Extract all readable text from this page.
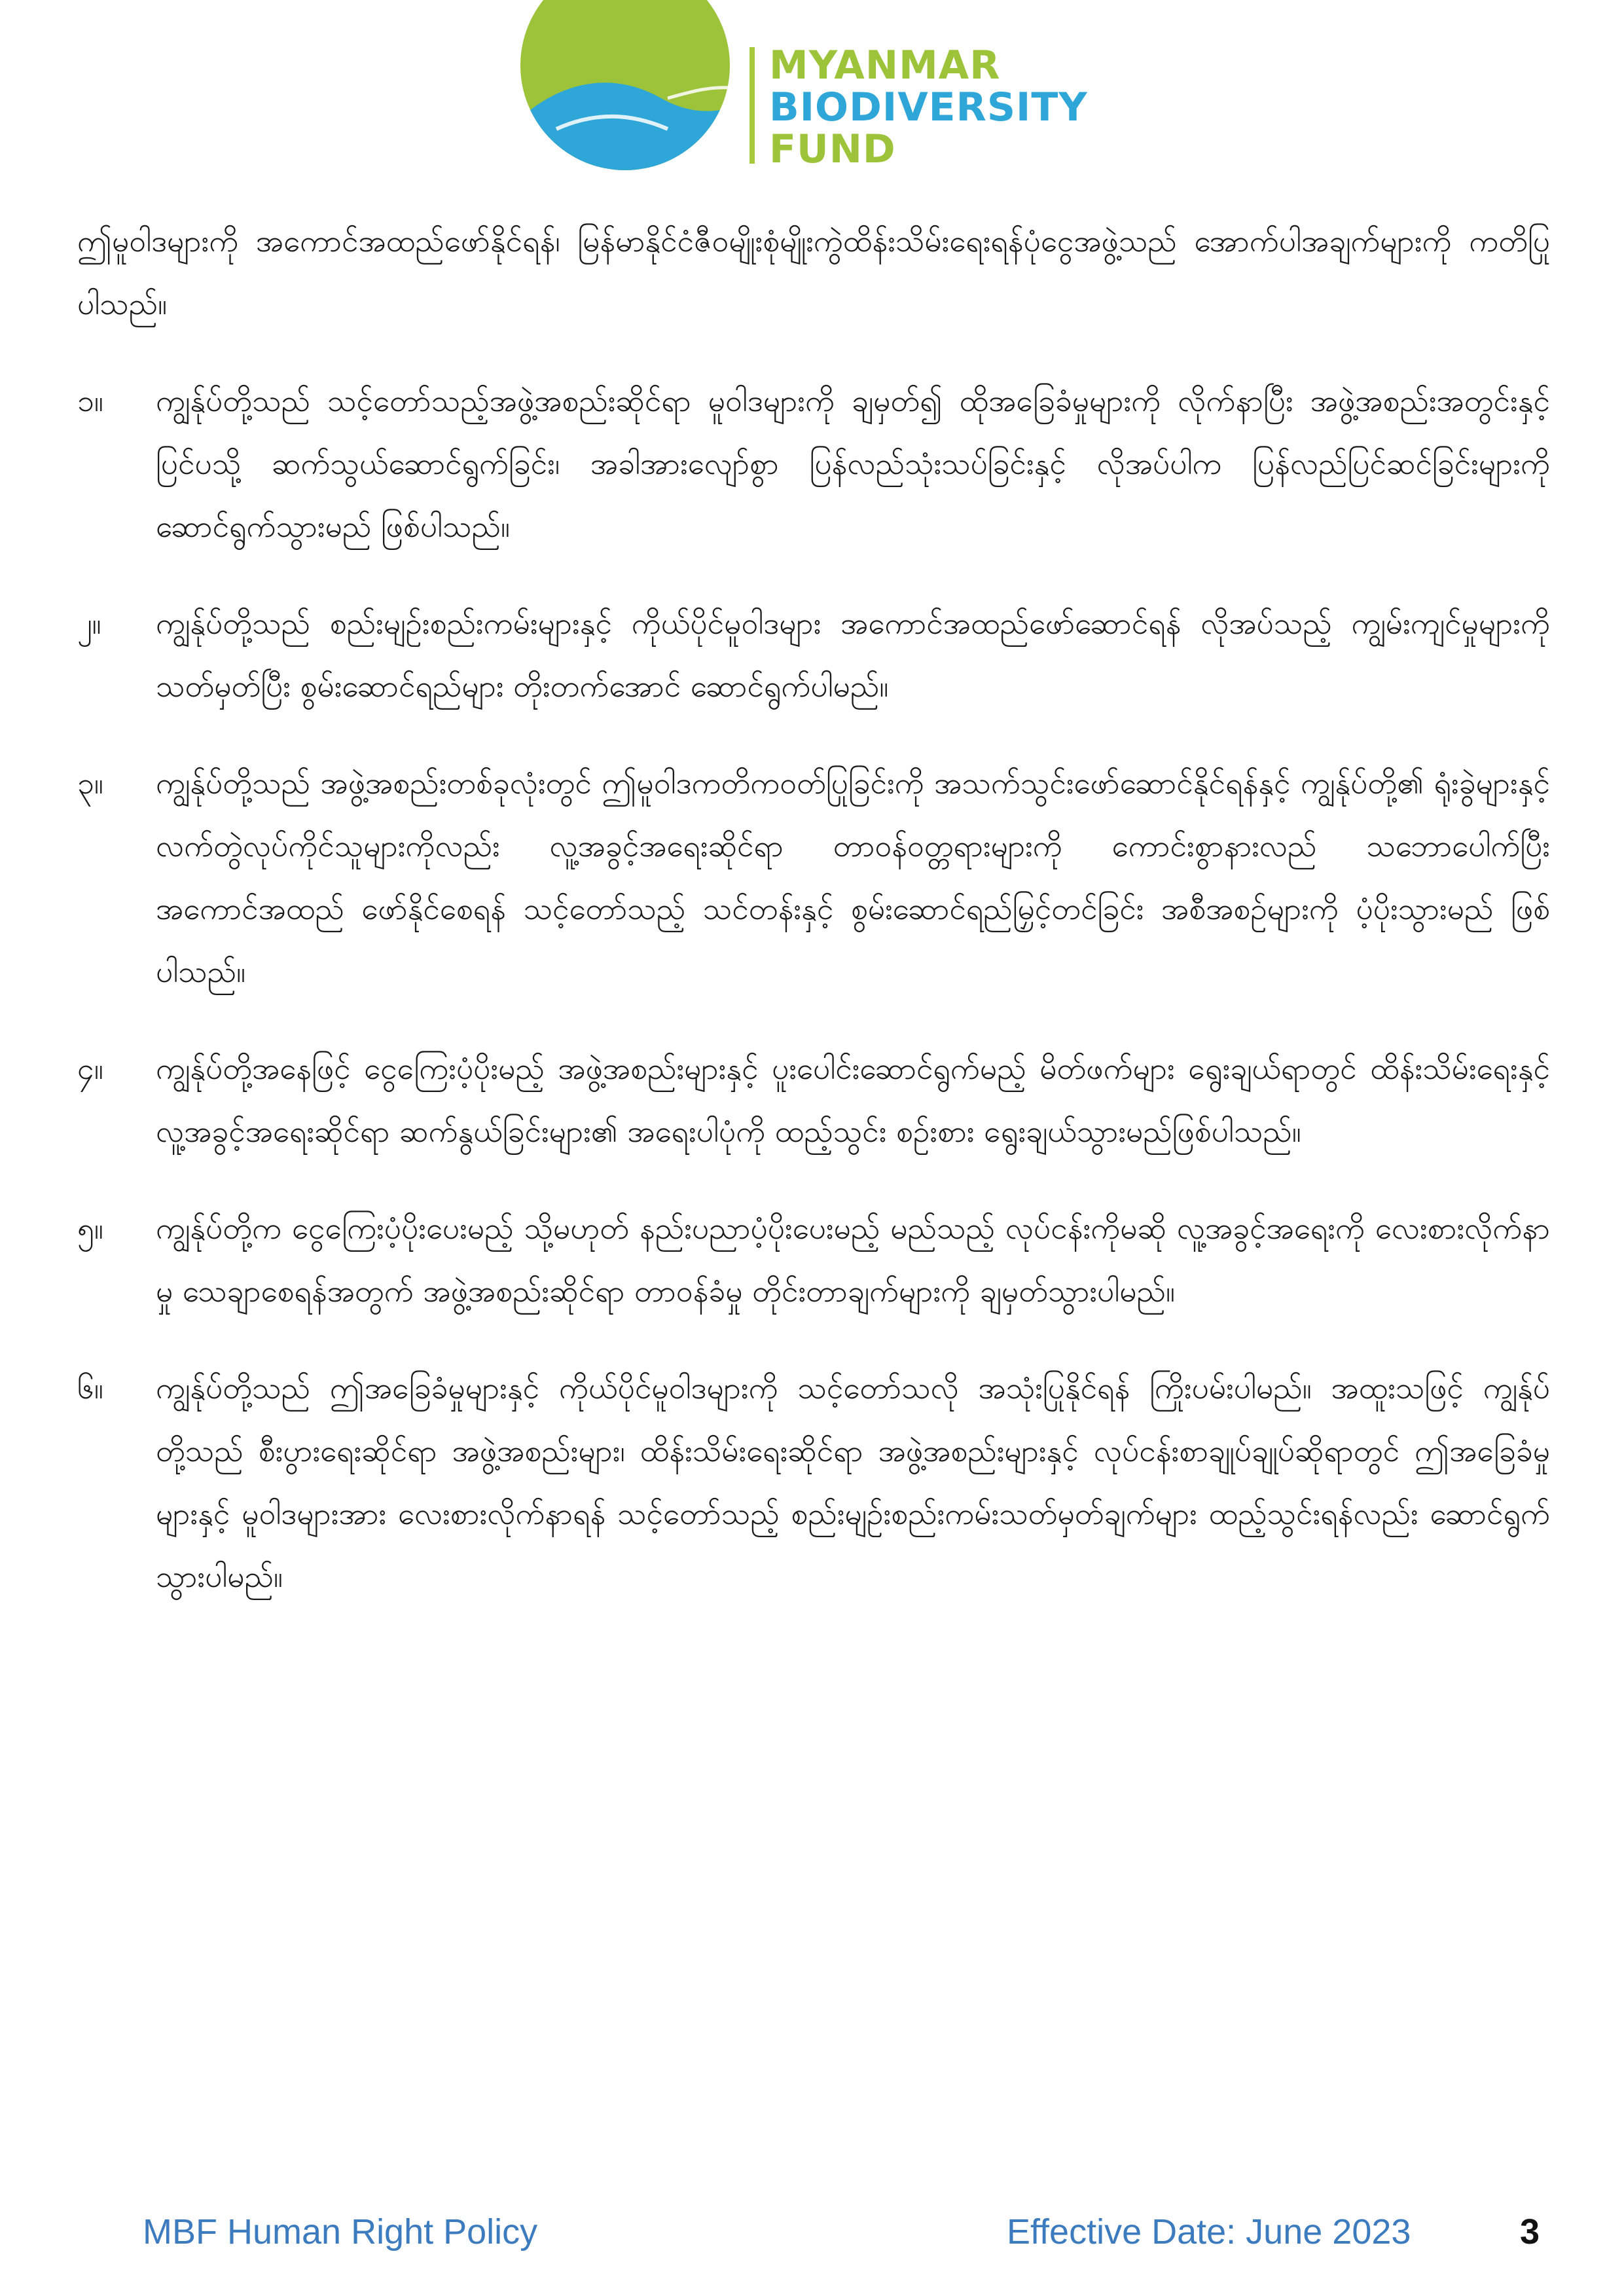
MYANMAR
BIODIVERSITY
FUND

ဤမူဝါဒများကို အကောင်အထည်ဖော်နိုင်ရန်၊ မြန်မာနိုင်ငံဇီဝမျိုးစုံမျိုးကွဲထိန်းသိမ်းရေးရန်ပုံငွေအဖွဲ့သည် အောက်ပါအချက်များကို ကတိပြုပါသည်။

၁။ ကျွန်ုပ်တို့သည် သင့်တော်သည့်အဖွဲ့အစည်းဆိုင်ရာ မူဝါဒများကို ချမှတ်၍ ထိုအခြေခံမှုများကို လိုက်နာပြီး အဖွဲ့အစည်းအတွင်းနှင့် ပြင်ပသို့ ဆက်သွယ်ဆောင်ရွက်ခြင်း၊ အခါအားလျော်စွာ ပြန်လည်သုံးသပ်ခြင်းနှင့် လိုအပ်ပါက ပြန်လည်ပြင်ဆင်ခြင်းများကို ဆောင်ရွက်သွားမည် ဖြစ်ပါသည်။
၂။ ကျွန်ုပ်တို့သည် စည်းမျဉ်းစည်းကမ်းများနှင့် ကိုယ်ပိုင်မူဝါဒများ အကောင်အထည်ဖော်ဆောင်ရန် လိုအပ်သည့် ကျွမ်းကျင်မှုများကို သတ်မှတ်ပြီး စွမ်းဆောင်ရည်များ တိုးတက်အောင် ဆောင်ရွက်ပါမည်။
၃။ ကျွန်ုပ်တို့သည် အဖွဲ့အစည်းတစ်ခုလုံးတွင် ဤမူဝါဒကတိကဝတ်ပြုခြင်းကို အသက်သွင်းဖော်ဆောင်နိုင်ရန်နှင့် ကျွန်ုပ်တို့၏ ရုံးခွဲများနှင့် လက်တွဲလုပ်ကိုင်သူများကိုလည်း လူ့အခွင့်အရေးဆိုင်ရာ တာဝန်ဝတ္တရားများကို ကောင်းစွာနားလည် သဘောပေါက်ပြီး အကောင်အထည် ဖော်နိုင်စေရန် သင့်တော်သည့် သင်တန်းနှင့် စွမ်းဆောင်ရည်မြှင့်တင်ခြင်း အစီအစဉ်များကို ပံ့ပိုးသွားမည် ဖြစ်ပါသည်။
၄။ ကျွန်ုပ်တို့အနေဖြင့် ငွေကြေးပံ့ပိုးမည့် အဖွဲ့အစည်းများနှင့် ပူးပေါင်းဆောင်ရွက်မည့် မိတ်ဖက်များ ရွေးချယ်ရာတွင် ထိန်းသိမ်းရေးနှင့် လူ့အခွင့်အရေးဆိုင်ရာ ဆက်နွယ်ခြင်းများ၏ အရေးပါပုံကို ထည့်သွင်း စဉ်းစား ရွေးချယ်သွားမည်ဖြစ်ပါသည်။
၅။ ကျွန်ုပ်တို့က ငွေကြေးပံ့ပိုးပေးမည့် သို့မဟုတ် နည်းပညာပံ့ပိုးပေးမည့် မည်သည့် လုပ်ငန်းကိုမဆို လူ့အခွင့်အရေးကို လေးစားလိုက်နာမှု သေချာစေရန်အတွက် အဖွဲ့အစည်းဆိုင်ရာ တာဝန်ခံမှု တိုင်းတာချက်များကို ချမှတ်သွားပါမည်။
၆။ ကျွန်ုပ်တို့သည် ဤအခြေခံမှုများနှင့် ကိုယ်ပိုင်မူဝါဒများကို သင့်တော်သလို အသုံးပြုနိုင်ရန် ကြိုးပမ်းပါမည်။ အထူးသဖြင့် ကျွန်ုပ်တို့သည် စီးပွားရေးဆိုင်ရာ အဖွဲ့အစည်းများ၊ ထိန်းသိမ်းရေးဆိုင်ရာ အဖွဲ့အစည်းများနှင့် လုပ်ငန်းစာချုပ်ချုပ်ဆိုရာတွင် ဤအခြေခံမှုများနှင့် မူဝါဒများအား လေးစားလိုက်နာရန် သင့်တော်သည့် စည်းမျဉ်းစည်းကမ်းသတ်မှတ်ချက်များ ထည့်သွင်းရန်လည်း ဆောင်ရွက်သွားပါမည်။
MBF Human Right Policy	Effective Date: June 2023	3
